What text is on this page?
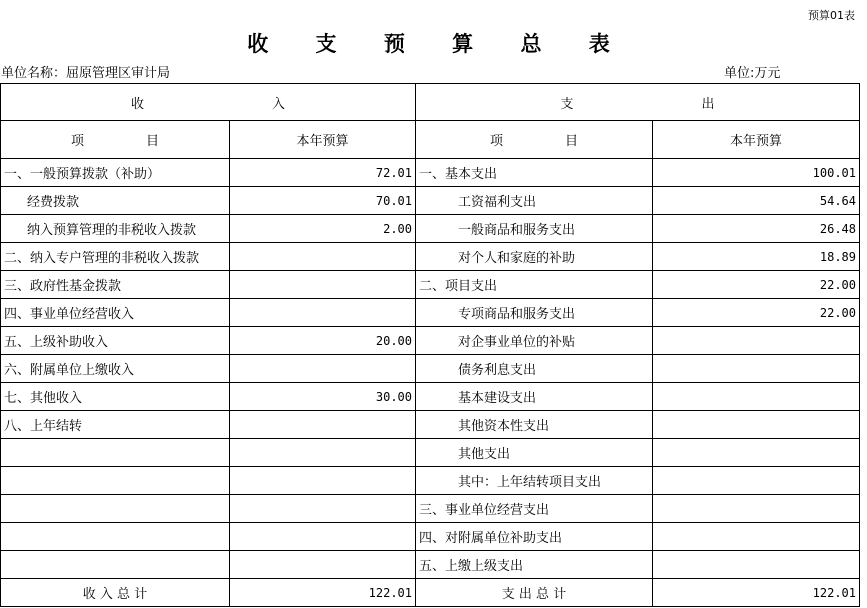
预算01表
收 支 预 算 总 表
单位名称：屈原管理区审计局	单位:万元
收 入		支 出	
项 目	本年预算	项 目	本年预算
一、一般预算拨款（补助）	72.01	一、基本支出	100.01
经费拨款	70.01	工资福利支出	54.64
纳入预算管理的非税收入拨款	2.00	一般商品和服务支出	26.48
二、纳入专户管理的非税收入拨款		对个人和家庭的补助	18.89
三、政府性基金拨款		二、项目支出	22.00
四、事业单位经营收入		专项商品和服务支出	22.00
五、上级补助收入	20.00	对企事业单位的补贴	
六、附属单位上缴收入		债务利息支出	
七、其他收入	30.00	基本建设支出	
八、上年结转		其他资本性支出	
		其他支出	
		其中：上年结转项目支出	
		三、事业单位经营支出	
		四、对附属单位补助支出	
		五、上缴上级支出	
收 入 总 计	122.01	支 出 总 计	122.01
